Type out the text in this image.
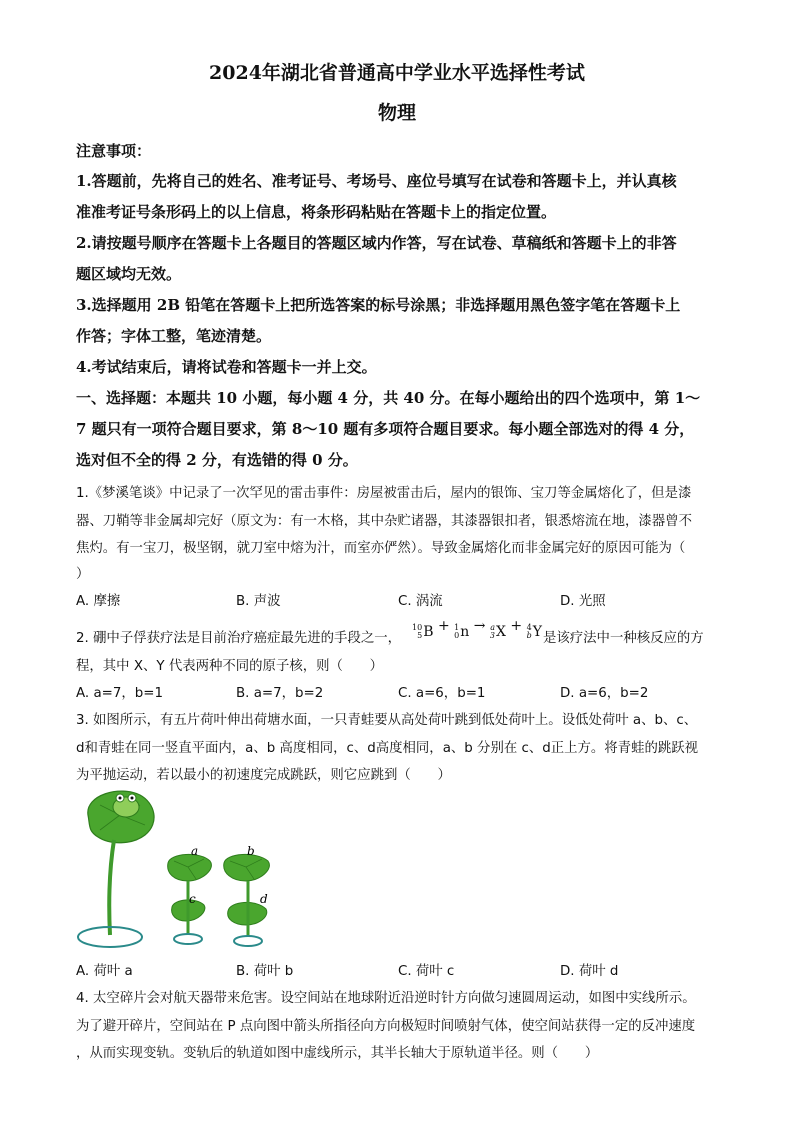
2024年湖北省普通高中学业水平选择性考试
物理
注意事项：
1.答题前，先将自己的姓名、准考证号、考场号、座位号填写在试卷和答题卡上，并认真核
准准考证号条形码上的以上信息，将条形码粘贴在答题卡上的指定位置。
2.请按题号顺序在答题卡上各题目的答题区域内作答，写在试卷、草稿纸和答题卡上的非答
题区域均无效。
3.选择题用 2B 铅笔在答题卡上把所选答案的标号涂黑；非选择题用黑色签字笔在答题卡上
作答；字体工整，笔迹清楚。
4.考试结束后，请将试卷和答题卡一并上交。
一、选择题：本题共 10 小题，每小题 4 分，共 40 分。在每小题给出的四个选项中，第 1～
7 题只有一项符合题目要求，第 8～10 题有多项符合题目要求。每小题全部选对的得 4 分，
选对但不全的得 2 分，有选错的得 0 分。
1.《梦溪笔谈》中记录了一次罕见的雷击事件：房屋被雷击后，屋内的银饰、宝刀等金属熔化了，但是漆
器、刀鞘等非金属却完好（原文为：有一木格，其中杂贮诸器，其漆器银扣者，银悉熔流在地，漆器曾不
焦灼。有一宝刀，极坚钢，就刀室中熔为汁，而室亦俨然）。导致金属熔化而非金属完好的原因可能为（
）
A. 摩擦	B. 声波	C. 涡流	D. 光照
2. 硼中子俘获疗法是目前治疗癌症最先进的手段之一，
10
5 B + 1
0 n → a
3 X + 4
b Y 是该疗法中一种核反应的方
程，其中 X、Y 代表两种不同的原子核，则（　　）
A. a=7，b=1	B. a=7，b=2	C. a=6，b=1	D. a=6，b=2
3. 如图所示，有五片荷叶伸出荷塘水面，一只青蛙要从高处荷叶跳到低处荷叶上。设低处荷叶 a、b、c、
d和青蛙在同一竖直平面内，a、b 高度相同，c、d高度相同，a、b 分别在 c、d正上方。将青蛙的跳跃视
为平抛运动，若以最小的初速度完成跳跃，则它应跳到（　　）
a	b
c	d
A. 荷叶 a	B. 荷叶 b	C. 荷叶 c	D. 荷叶 d
4. 太空碎片会对航天器带来危害。设空间站在地球附近沿逆时针方向做匀速圆周运动，如图中实线所示。
为了避开碎片，空间站在 P 点向图中箭头所指径向方向极短时间喷射气体，使空间站获得一定的反冲速度
，从而实现变轨。变轨后的轨道如图中虚线所示，其半长轴大于原轨道半径。则（　　）
